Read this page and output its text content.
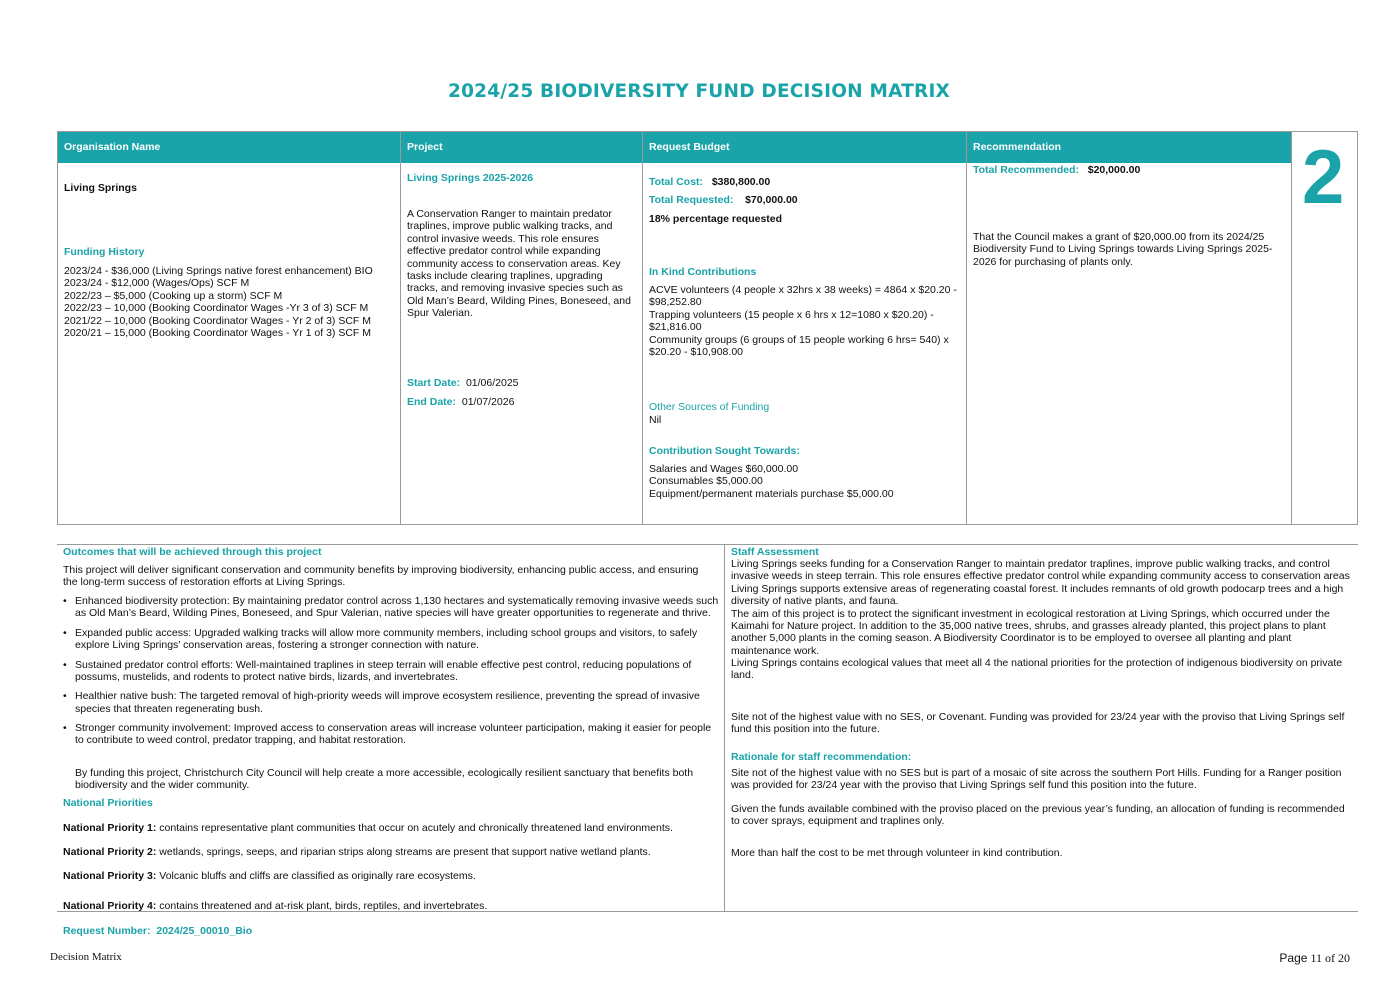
2024/25 BIODIVERSITY FUND DECISION MATRIX
Organisation Name
Living Springs
Funding History
2023/24 - $36,000 (Living Springs native forest enhancement) BIO
2023/24 - $12,000 (Wages/Ops) SCF M
2022/23 – $5,000 (Cooking up a storm) SCF M
2022/23 – 10,000 (Booking Coordinator Wages -Yr 3 of 3) SCF M
2021/22 – 10,000 (Booking Coordinator Wages - Yr 2 of 3) SCF M
2020/21 – 15,000 (Booking Coordinator Wages - Yr 1 of 3) SCF M
Project
Living Springs 2025-2026
A Conservation Ranger to maintain predator traplines, improve public walking tracks, and control invasive weeds. This role ensures effective predator control while expanding community access to conservation areas. Key tasks include clearing traplines, upgrading tracks, and removing invasive species such as Old Man’s Beard, Wilding Pines, Boneseed, and Spur Valerian.
Start Date: 01/06/2025
End Date: 01/07/2026
Request Budget
Total Cost: $380,800.00
Total Requested: $70,000.00
18% percentage requested
In Kind Contributions
ACVE volunteers (4 people x 32hrs x 38 weeks) = 4864 x $20.20 - $98,252.80
Trapping volunteers (15 people x 6 hrs x 12=1080 x $20.20) - $21,816.00
Community groups (6 groups of 15 people working 6 hrs= 540) x $20.20 - $10,908.00
Other Sources of Funding
Nil
Contribution Sought Towards:
Salaries and Wages $60,000.00
Consumables $5,000.00
Equipment/permanent materials purchase $5,000.00
Recommendation
Total Recommended: $20,000.00
That the Council makes a grant of $20,000.00 from its 2024/25 Biodiversity Fund to Living Springs towards Living Springs 2025-2026 for purchasing of plants only.
2
Outcomes that will be achieved through this project
This project will deliver significant conservation and community benefits by improving biodiversity, enhancing public access, and ensuring the long-term success of restoration efforts at Living Springs.
• Enhanced biodiversity protection: By maintaining predator control across 1,130 hectares and systematically removing invasive weeds such as Old Man’s Beard, Wilding Pines, Boneseed, and Spur Valerian, native species will have greater opportunities to regenerate and thrive.
• Expanded public access: Upgraded walking tracks will allow more community members, including school groups and visitors, to safely explore Living Springs’ conservation areas, fostering a stronger connection with nature.
• Sustained predator control efforts: Well-maintained traplines in steep terrain will enable effective pest control, reducing populations of possums, mustelids, and rodents to protect native birds, lizards, and invertebrates.
• Healthier native bush: The targeted removal of high-priority weeds will improve ecosystem resilience, preventing the spread of invasive species that threaten regenerating bush.
• Stronger community involvement: Improved access to conservation areas will increase volunteer participation, making it easier for people to contribute to weed control, predator trapping, and habitat restoration.
By funding this project, Christchurch City Council will help create a more accessible, ecologically resilient sanctuary that benefits both biodiversity and the wider community.
National Priorities
National Priority 1: contains representative plant communities that occur on acutely and chronically threatened land environments.
National Priority 2: wetlands, springs, seeps, and riparian strips along streams are present that support native wetland plants.
National Priority 3: Volcanic bluffs and cliffs are classified as originally rare ecosystems.
National Priority 4: contains threatened and at-risk plant, birds, reptiles, and invertebrates.
Staff Assessment
Living Springs seeks funding for a Conservation Ranger to maintain predator traplines, improve public walking tracks, and control invasive weeds in steep terrain. This role ensures effective predator control while expanding community access to conservation areas
Living Springs supports extensive areas of regenerating coastal forest. It includes remnants of old growth podocarp trees and a high diversity of native plants, and fauna.
The aim of this project is to protect the significant investment in ecological restoration at Living Springs, which occurred under the Kaimahi for Nature project. In addition to the 35,000 native trees, shrubs, and grasses already planted, this project plans to plant another 5,000 plants in the coming season. A Biodiversity Coordinator is to be employed to oversee all planting and plant maintenance work.
Living Springs contains ecological values that meet all 4 the national priorities for the protection of indigenous biodiversity on private land.
Site not of the highest value with no SES, or Covenant. Funding was provided for 23/24 year with the proviso that Living Springs self fund this position into the future.
Rationale for staff recommendation:
Site not of the highest value with no SES but is part of a mosaic of site across the southern Port Hills. Funding for a Ranger position was provided for 23/24 year with the proviso that Living Springs self fund this position into the future.
Given the funds available combined with the proviso placed on the previous year’s funding, an allocation of funding is recommended to cover sprays, equipment and traplines only.
More than half the cost to be met through volunteer in kind contribution.
Request Number: 2024/25_00010_Bio
Decision Matrix	Page 11 of 20
